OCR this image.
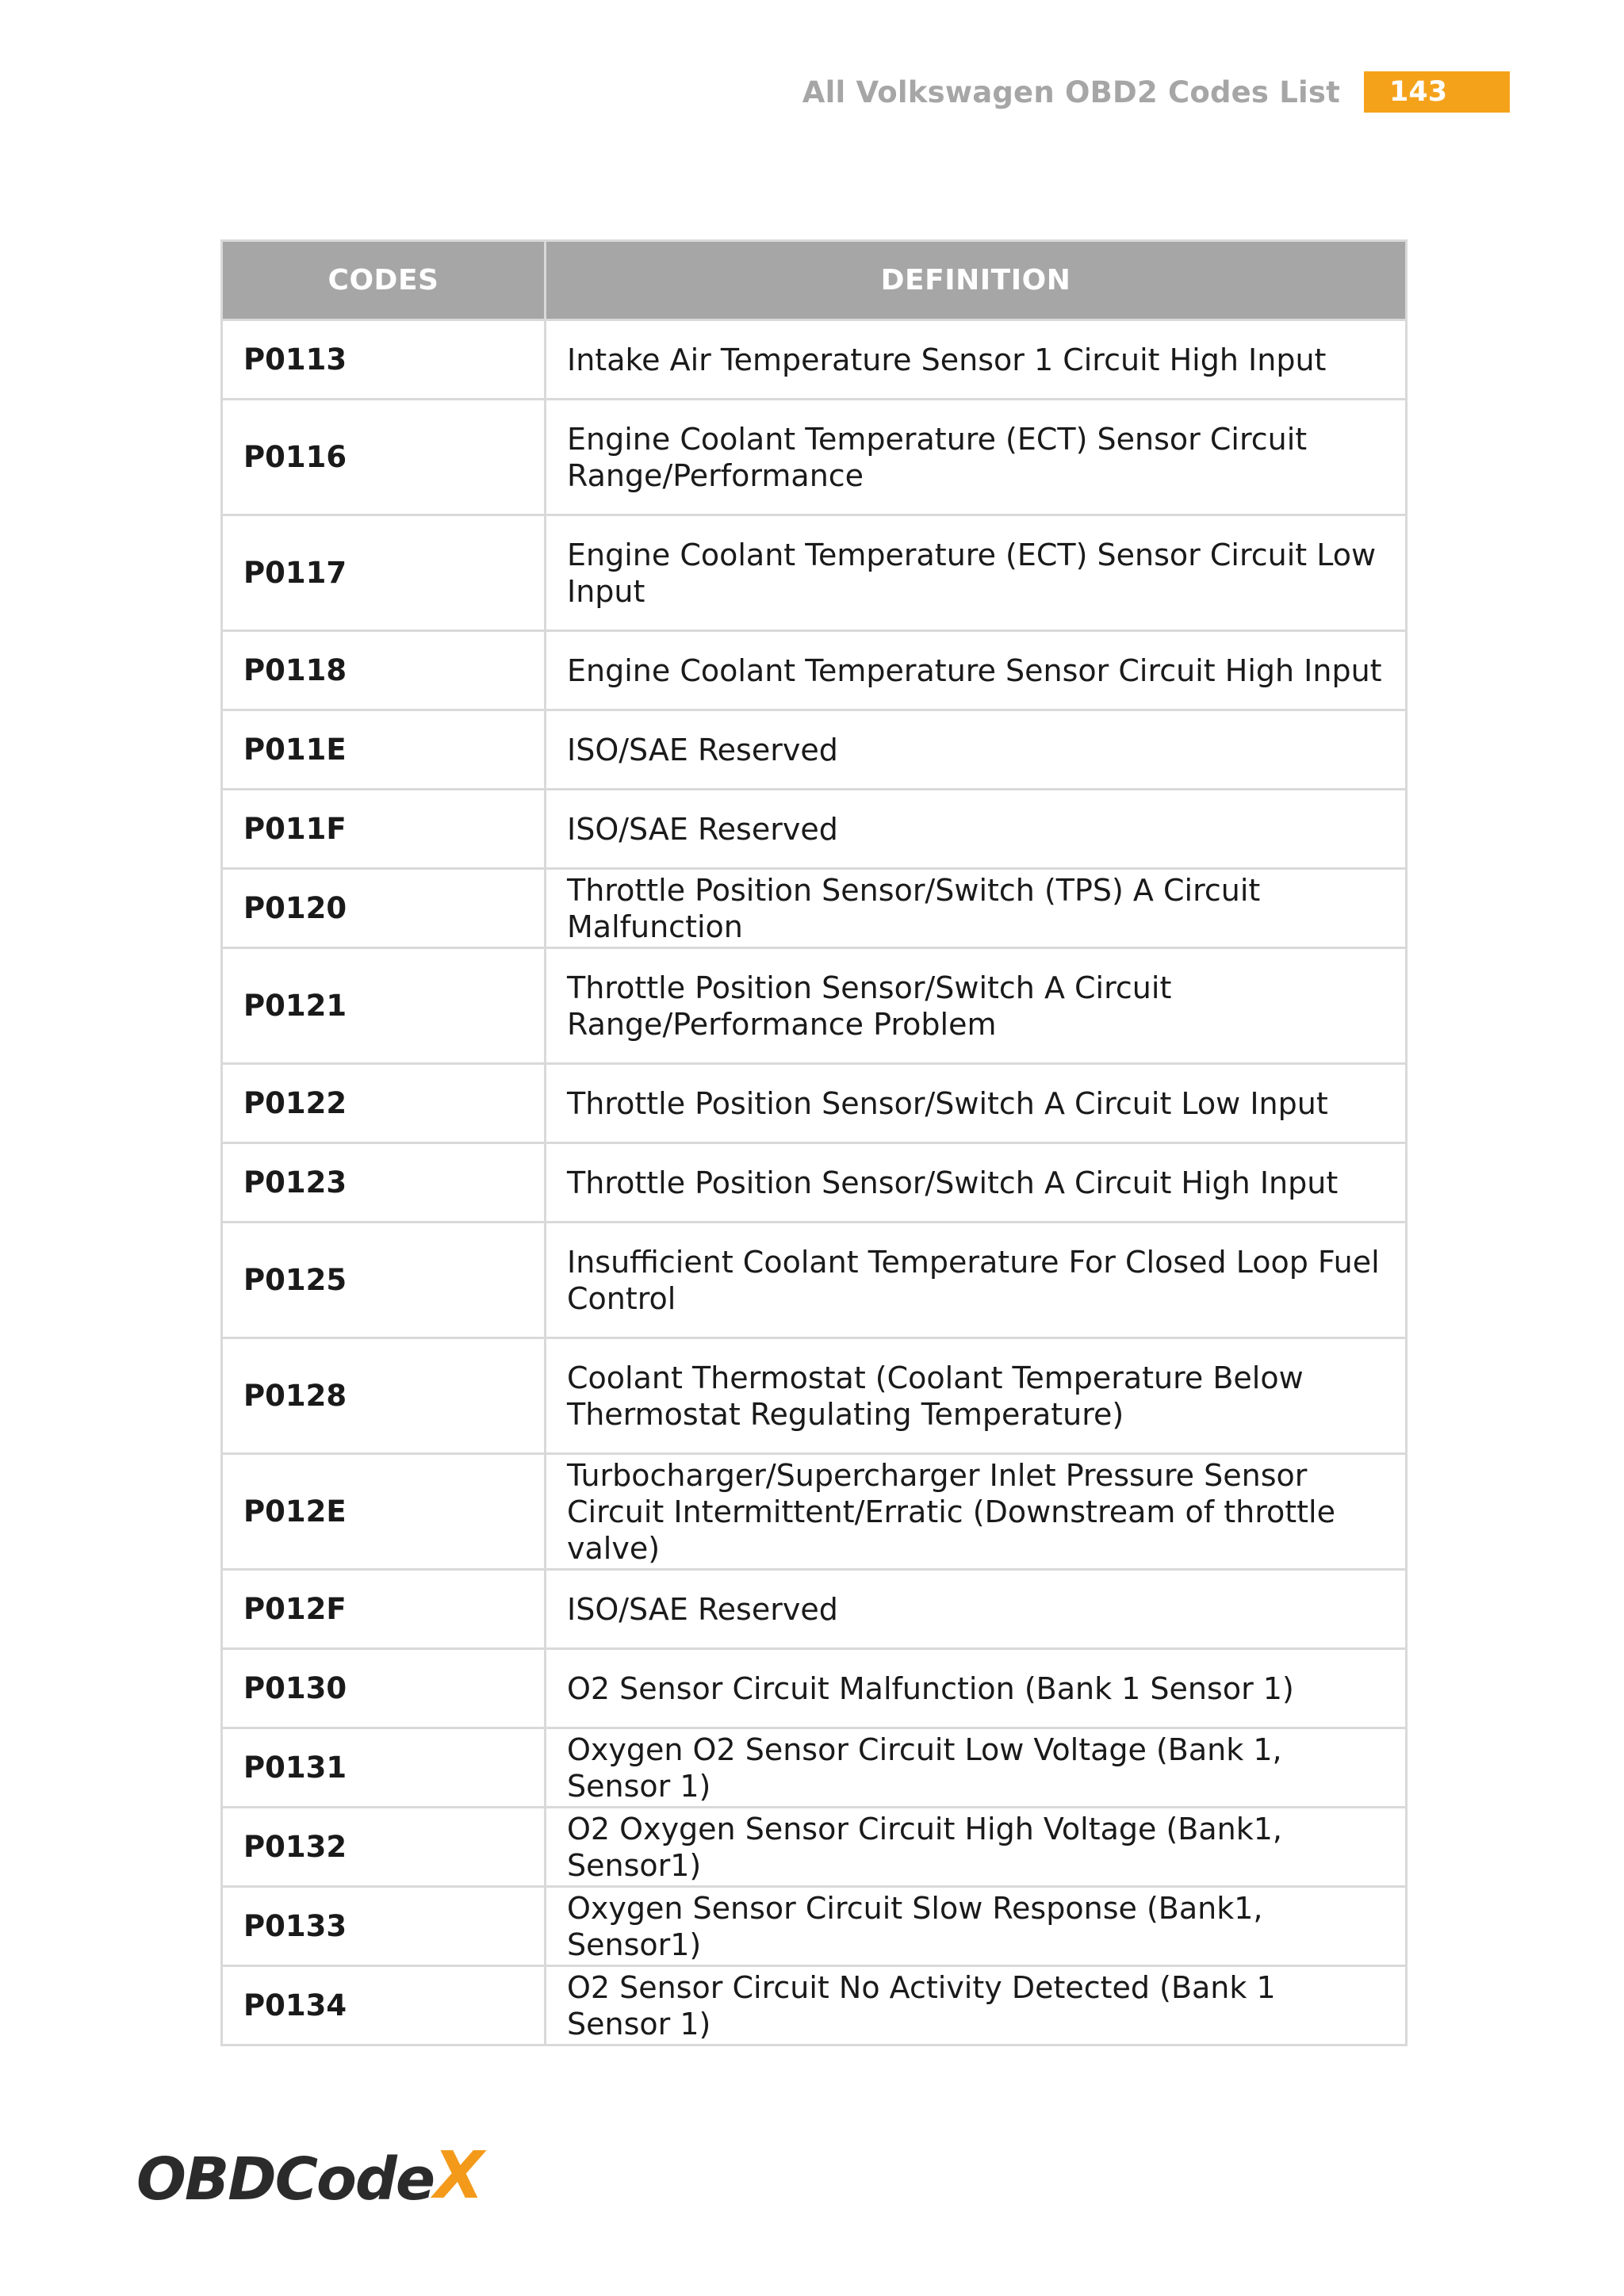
All Volkswagen OBD2 Codes List	143
CODES	DEFINITION
P0113	Intake Air Temperature Sensor 1 Circuit High Input
P0116	Engine Coolant Temperature (ECT) Sensor Circuit Range/Performance
P0117	Engine Coolant Temperature (ECT) Sensor Circuit Low Input
P0118	Engine Coolant Temperature Sensor Circuit High Input
P011E	ISO/SAE Reserved
P011F	ISO/SAE Reserved
P0120	Throttle Position Sensor/Switch (TPS) A Circuit Malfunction
P0121	Throttle Position Sensor/Switch A Circuit Range/Performance Problem
P0122	Throttle Position Sensor/Switch A Circuit Low Input
P0123	Throttle Position Sensor/Switch A Circuit High Input
P0125	Insufficient Coolant Temperature For Closed Loop Fuel Control
P0128	Coolant Thermostat (Coolant Temperature Below Thermostat Regulating Temperature)
P012E	Turbocharger/Supercharger Inlet Pressure Sensor Circuit Intermittent/Erratic (Downstream of throttle valve)
P012F	ISO/SAE Reserved
P0130	O2 Sensor Circuit Malfunction (Bank 1 Sensor 1)
P0131	Oxygen O2 Sensor Circuit Low Voltage (Bank 1, Sensor 1)
P0132	O2 Oxygen Sensor Circuit High Voltage (Bank1, Sensor1)
P0133	Oxygen Sensor Circuit Slow Response (Bank1, Sensor1)
P0134	O2 Sensor Circuit No Activity Detected (Bank 1 Sensor 1)
OBDCode X
